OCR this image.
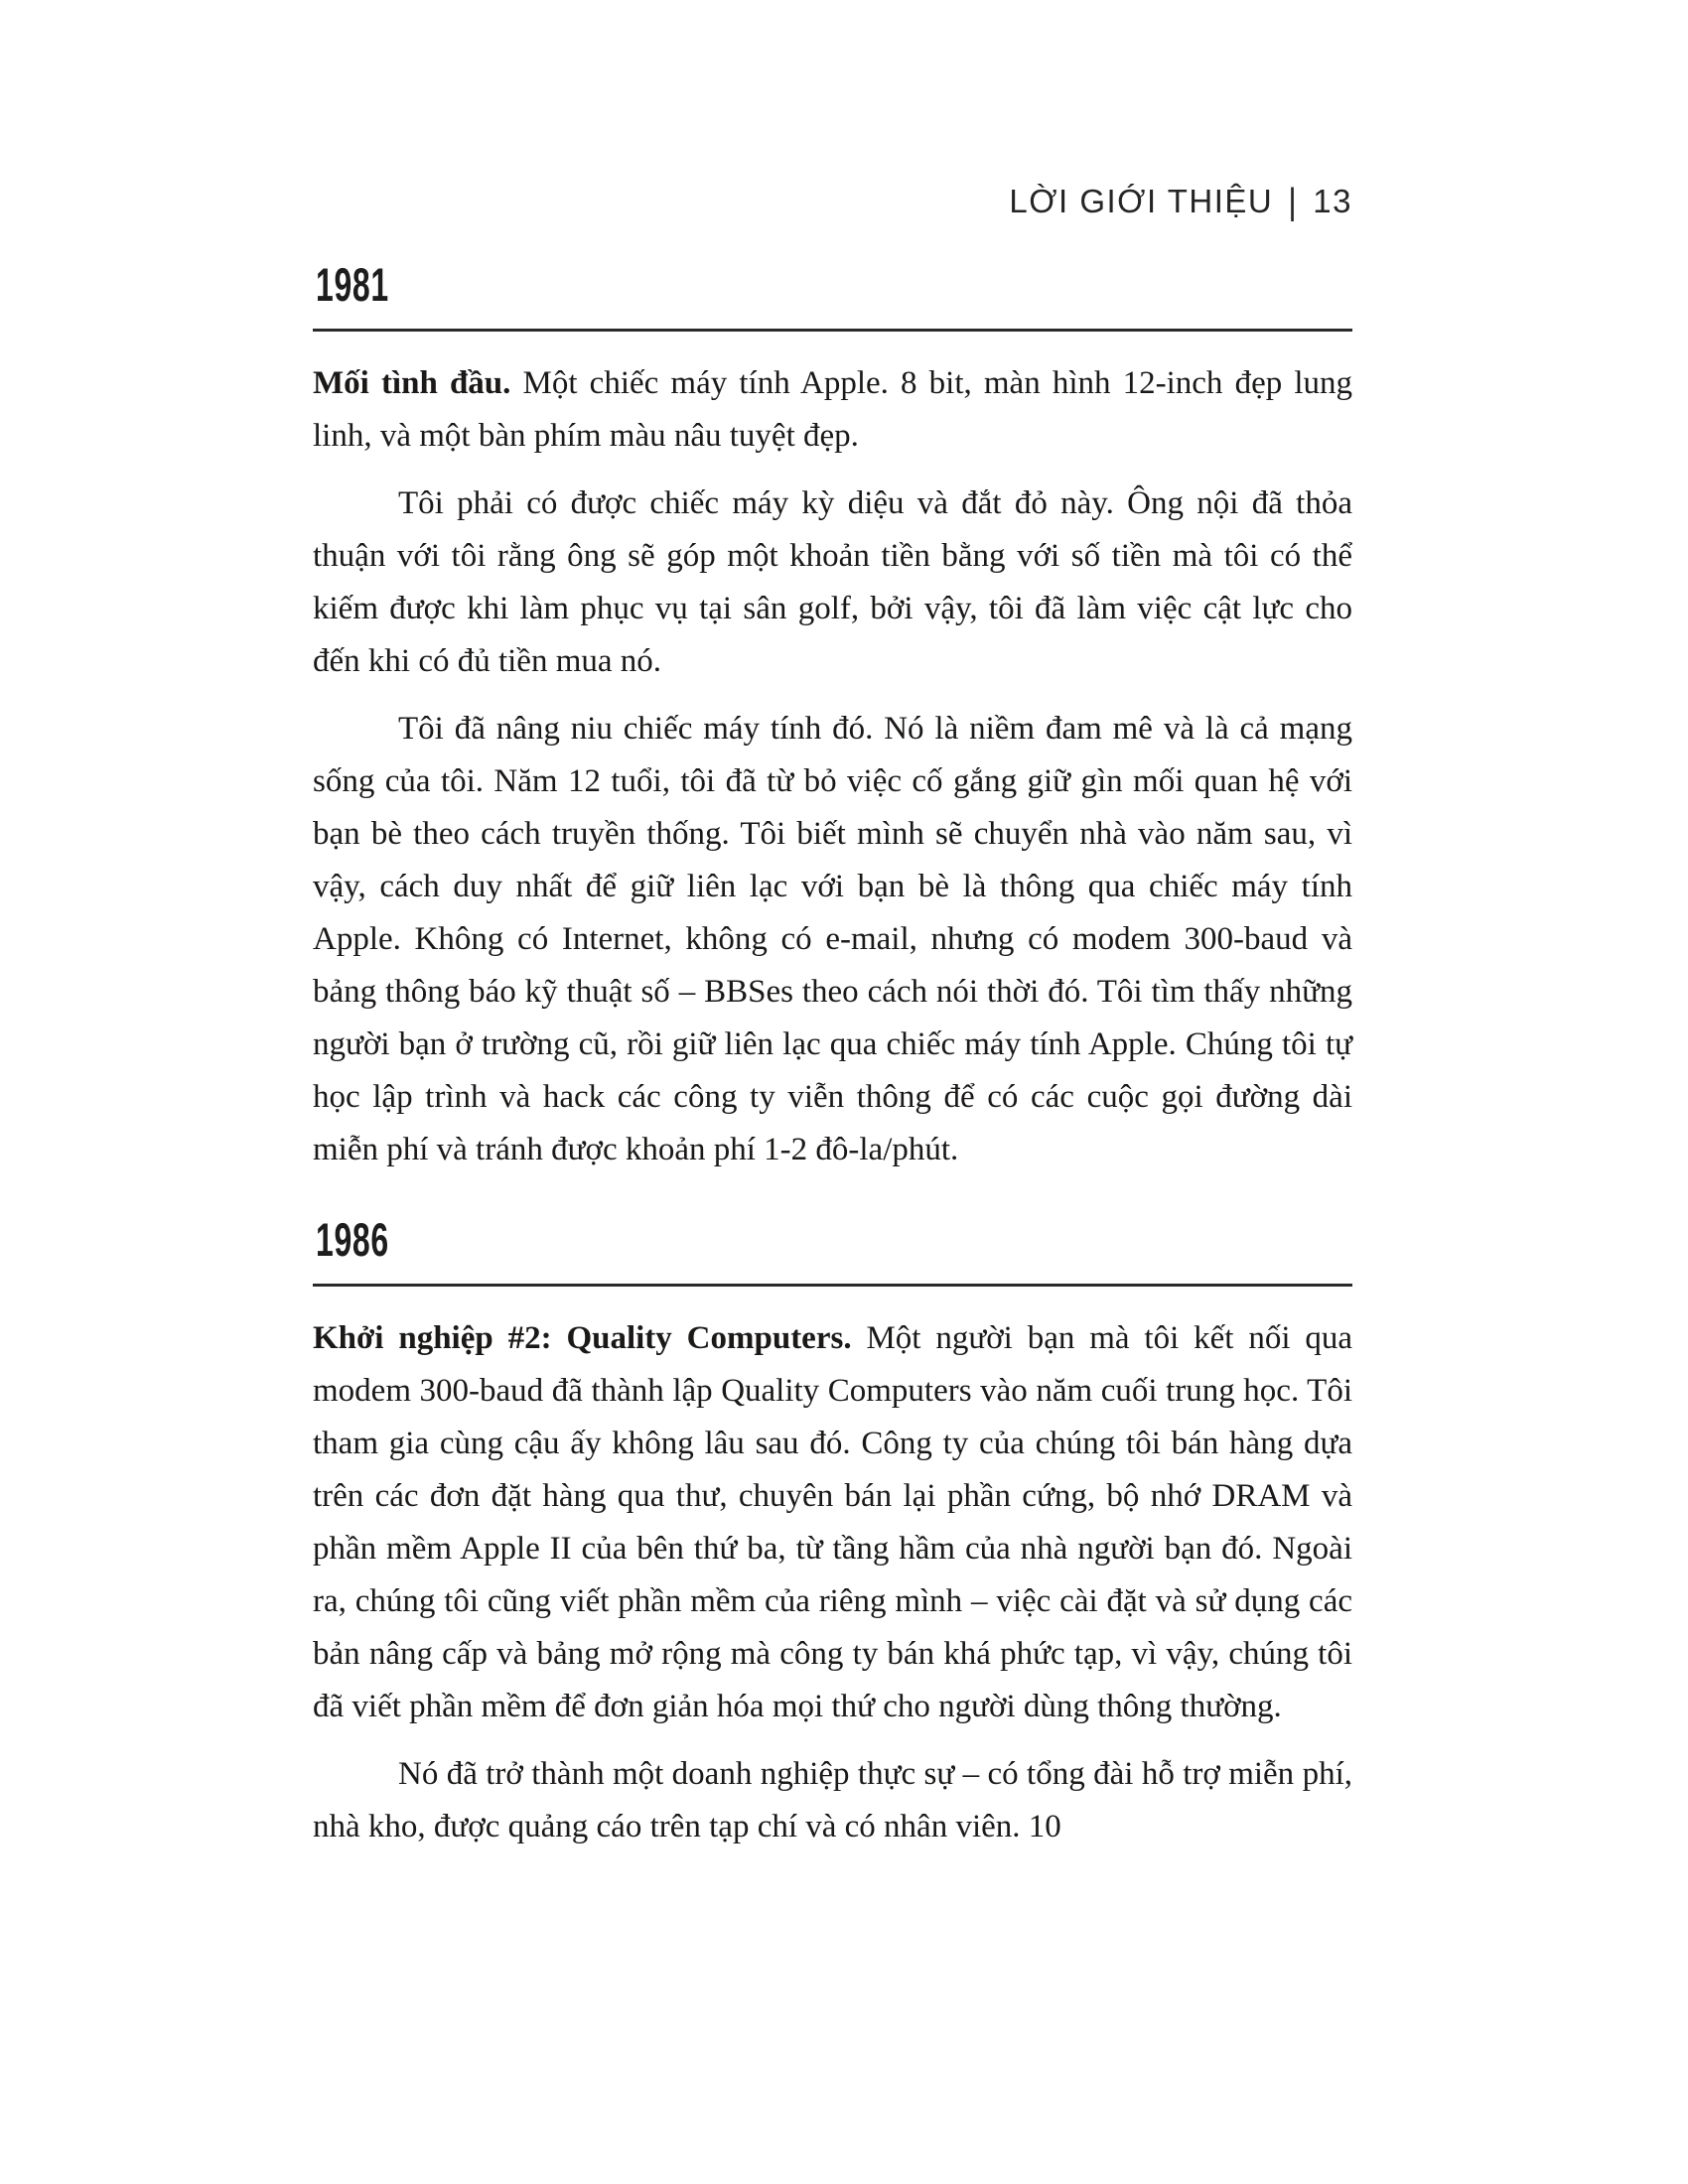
LỜI GIỚI THIỆU | 13
1981

Mối tình đầu. Một chiếc máy tính Apple. 8 bit, màn hình 12-inch đẹp lung linh, và một bàn phím màu nâu tuyệt đẹp.

Tôi phải có được chiếc máy kỳ diệu và đắt đỏ này. Ông nội đã thỏa thuận với tôi rằng ông sẽ góp một khoản tiền bằng với số tiền mà tôi có thể kiếm được khi làm phục vụ tại sân golf, bởi vậy, tôi đã làm việc cật lực cho đến khi có đủ tiền mua nó.

Tôi đã nâng niu chiếc máy tính đó. Nó là niềm đam mê và là cả mạng sống của tôi. Năm 12 tuổi, tôi đã từ bỏ việc cố gắng giữ gìn mối quan hệ với bạn bè theo cách truyền thống. Tôi biết mình sẽ chuyển nhà vào năm sau, vì vậy, cách duy nhất để giữ liên lạc với bạn bè là thông qua chiếc máy tính Apple. Không có Internet, không có e-mail, nhưng có modem 300-baud và bảng thông báo kỹ thuật số – BBSes theo cách nói thời đó. Tôi tìm thấy những người bạn ở trường cũ, rồi giữ liên lạc qua chiếc máy tính Apple. Chúng tôi tự học lập trình và hack các công ty viễn thông để có các cuộc gọi đường dài miễn phí và tránh được khoản phí 1-2 đô-la/phút.

1986

Khởi nghiệp #2: Quality Computers. Một người bạn mà tôi kết nối qua modem 300-baud đã thành lập Quality Computers vào năm cuối trung học. Tôi tham gia cùng cậu ấy không lâu sau đó. Công ty của chúng tôi bán hàng dựa trên các đơn đặt hàng qua thư, chuyên bán lại phần cứng, bộ nhớ DRAM và phần mềm Apple II của bên thứ ba, từ tầng hầm của nhà người bạn đó. Ngoài ra, chúng tôi cũng viết phần mềm của riêng mình – việc cài đặt và sử dụng các bản nâng cấp và bảng mở rộng mà công ty bán khá phức tạp, vì vậy, chúng tôi đã viết phần mềm để đơn giản hóa mọi thứ cho người dùng thông thường.

Nó đã trở thành một doanh nghiệp thực sự – có tổng đài hỗ trợ miễn phí, nhà kho, được quảng cáo trên tạp chí và có nhân viên. 10
